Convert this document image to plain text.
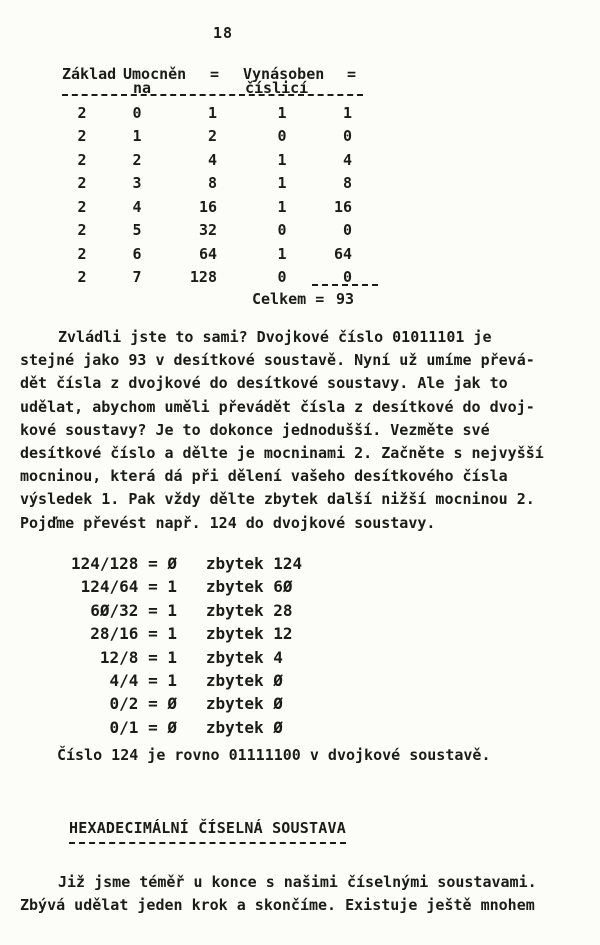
18
Základ Umocněn = Vynásoben =
na	číslicí
2	0	1	1	1
2	1	2	0	0
2	2	4	1	4
2	3	8	1	8
2	4	16	1	16
2	5	32	0	0
2	6	64	1	64
2	7	128	0	0
Celkem = 93
Zvládli jste to sami? Dvojkové číslo 01011101 je
stejné jako 93 v desítkové soustavě. Nyní už umíme převá-
dět čísla z dvojkové do desítkové soustavy. Ale jak to
udělat, abychom uměli převádět čísla z desítkové do dvoj-
kové soustavy? Je to dokonce jednodušší. Vezměte své
desítkové číslo a dělte je mocninami 2. Začněte s nejvyšší
mocninou, která dá při dělení vašeho desítkového čísla
výsledek 1. Pak vždy dělte zbytek další nižší mocninou 2.
Pojďme převést např. 124 do dvojkové soustavy.
124/128 = Ø   zbytek 124
124/64 = 1   zbytek 6Ø
6Ø/32 = 1   zbytek 28
28/16 = 1   zbytek 12
12/8 = 1   zbytek 4
4/4 = 1   zbytek Ø
0/2 = Ø   zbytek Ø
0/1 = Ø   zbytek Ø
Číslo 124 je rovno 01111100 v dvojkové soustavě.
HEXADECIMÁLNÍ ČÍSELNÁ SOUSTAVA
Již jsme téměř u konce s našimi číselnými soustavami.
Zbývá udělat jeden krok a skončíme. Existuje ještě mnohem
